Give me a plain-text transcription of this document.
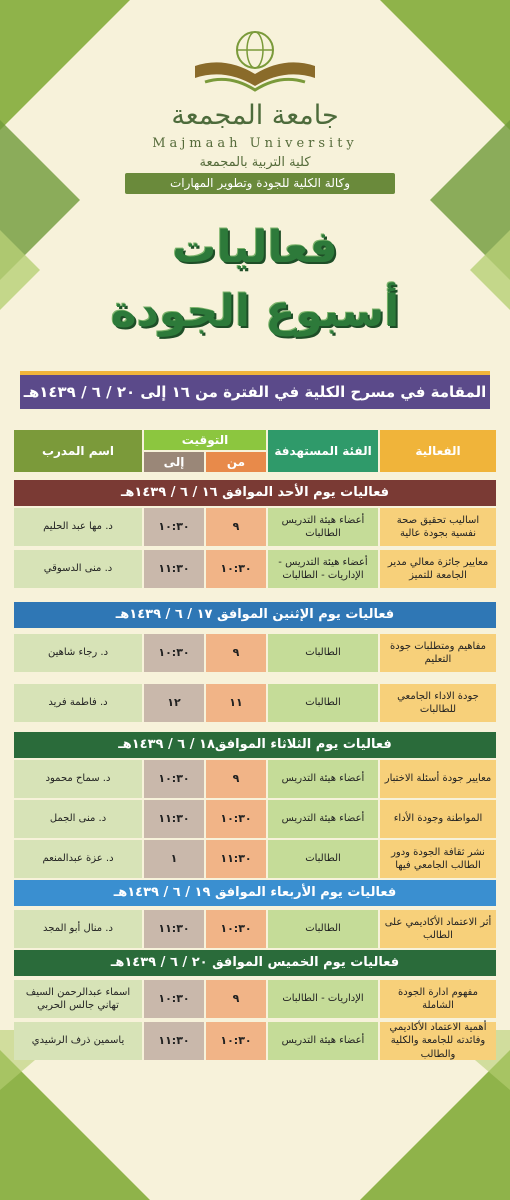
جامعة المجمعة
Majmaah University
كلية التربية بالمجمعة
وكالة الكلية للجودة وتطوير المهارات
فعاليات
أسبوع الجودة
المقامة في مسرح الكلية في الفترة من ١٦ إلى ٢٠ / ٦ / ١٤٣٩هـ
الفعالية
الفئة المستهدفة
التوقيت
من
إلى
اسم المدرب
فعاليات يوم الأحد الموافق ١٦ / ٦ / ١٤٣٩هـ
اساليب تحقيق صحة نفسية بجودة عالية
أعضاء هيئة التدريس الطالبات
٩
١٠:٣٠
د. مها عبد الحليم
معايير جائزة معالي مدير الجامعة للتميز
أعضاء هيئة التدريس - الإداريات - الطالبات
١٠:٣٠
١١:٣٠
د. منى الدسوقي
فعاليات يوم الإثنين الموافق ١٧ / ٦ / ١٤٣٩هـ
مفاهيم ومتطلبات جودة التعليم
الطالبات
٩
١٠:٣٠
د. رجاء شاهين
جودة الاداء الجامعي للطالبات
الطالبات
١١
١٢
د. فاطمة فريد
فعاليات يوم الثلاثاء الموافق١٨ / ٦ / ١٤٣٩هـ
معايير جودة أسئلة الاختبار
أعضاء هيئة التدريس
٩
١٠:٣٠
د. سماح محمود
المواطنة وجودة الأداء
أعضاء هيئة التدريس
١٠:٣٠
١١:٣٠
د. منى الجمل
نشر ثقافة الجودة ودور الطالب الجامعي فيها
الطالبات
١١:٣٠
١
د. عزة عبدالمنعم
فعاليات يوم الأربعاء الموافق ١٩ / ٦ / ١٤٣٩هـ
أثر الاعتماد الأكاديمي على الطالب
الطالبات
١٠:٣٠
١١:٣٠
د. منال أبو المجد
فعاليات يوم الخميس الموافق ٢٠ / ٦ / ١٤٣٩هـ
مفهوم ادارة الجودة الشاملة
الإداريات - الطالبات
٩
١٠:٣٠
اسماء عبدالرحمن السيف تهاني جالس الحربي
أهمية الاعتماد الأكاديمي وفائدته للجامعة والكلية والطالب
أعضاء هيئة التدريس
١٠:٣٠
١١:٣٠
ياسمين ذرف الرشيدي
